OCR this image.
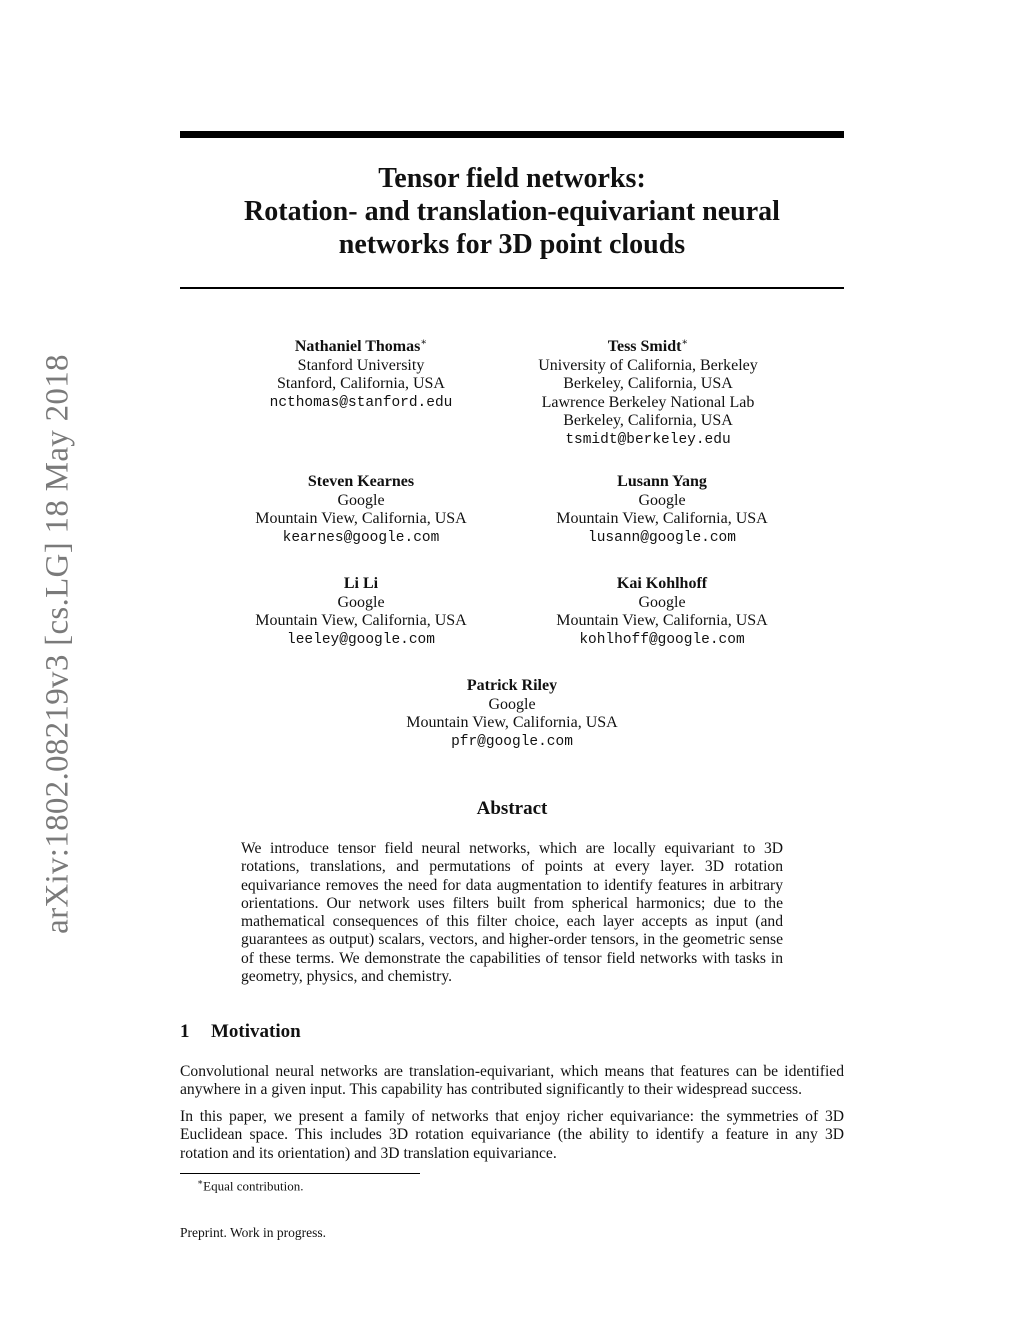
arXiv:1802.08219v3 [cs.LG] 18 May 2018
Tensor field networks:
Rotation- and translation-equivariant neural
networks for 3D point clouds
Nathaniel Thomas∗
Stanford University
Stanford, California, USA
ncthomas@stanford.edu
Tess Smidt∗
University of California, Berkeley
Berkeley, California, USA
Lawrence Berkeley National Lab
Berkeley, California, USA
tsmidt@berkeley.edu
Steven Kearnes
Google
Mountain View, California, USA
kearnes@google.com
Lusann Yang
Google
Mountain View, California, USA
lusann@google.com
Li Li
Google
Mountain View, California, USA
leeley@google.com
Kai Kohlhoff
Google
Mountain View, California, USA
kohlhoff@google.com
Patrick Riley
Google
Mountain View, California, USA
pfr@google.com
Abstract
We introduce tensor field neural networks, which are locally equivariant to 3D rotations, translations, and permutations of points at every layer. 3D rotation equivariance removes the need for data augmentation to identify features in arbitrary orientations. Our network uses filters built from spherical harmonics; due to the mathematical consequences of this filter choice, each layer accepts as input (and guarantees as output) scalars, vectors, and higher-order tensors, in the geometric sense of these terms. We demonstrate the capabilities of tensor field networks with tasks in geometry, physics, and chemistry.
1 Motivation
Convolutional neural networks are translation-equivariant, which means that features can be identified anywhere in a given input. This capability has contributed significantly to their widespread success.
In this paper, we present a family of networks that enjoy richer equivariance: the symmetries of 3D Euclidean space. This includes 3D rotation equivariance (the ability to identify a feature in any 3D rotation and its orientation) and 3D translation equivariance.
∗Equal contribution.
Preprint. Work in progress.
